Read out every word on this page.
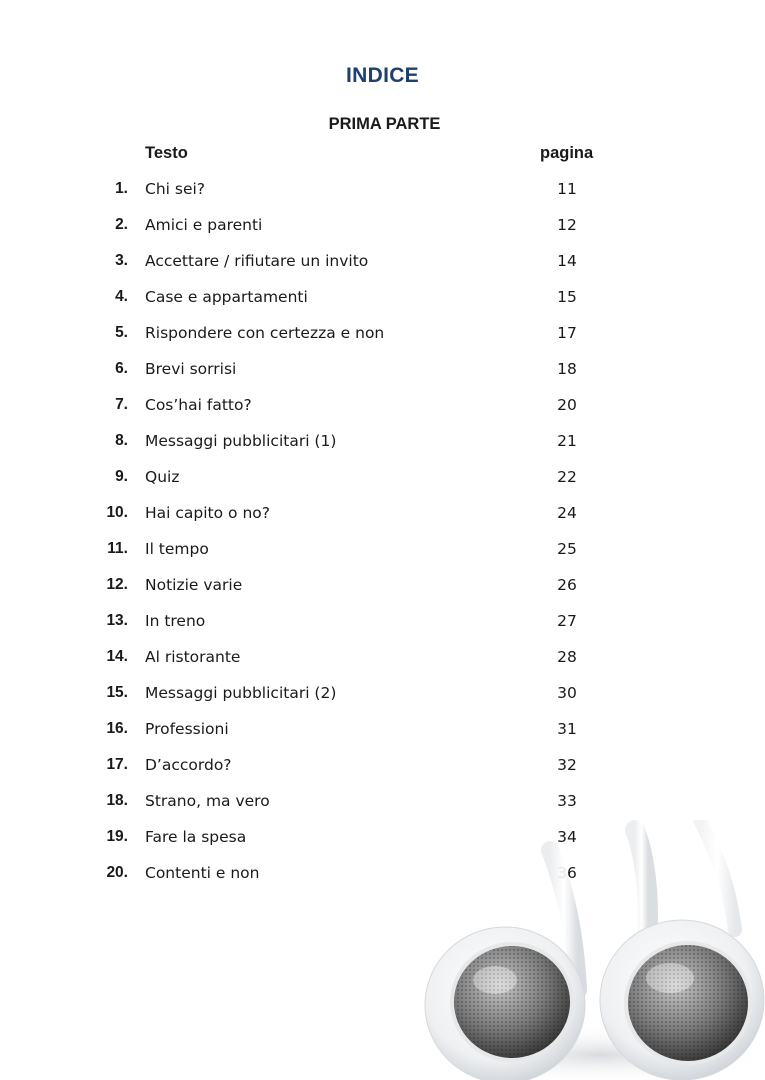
INDICE
PRIMA PARTE
Testo	pagina
1. Chi sei?	11
2. Amici e parenti	12
3. Accettare / rifiutare un invito	14
4. Case e appartamenti	15
5. Rispondere con certezza e non	17
6. Brevi sorrisi	18
7. Cos’hai fatto?	20
8. Messaggi pubblicitari (1)	21
9. Quiz	22
10. Hai capito o no?	24
11. Il tempo	25
12. Notizie varie	26
13. In treno	27
14. Al ristorante	28
15. Messaggi pubblicitari (2)	30
16. Professioni	31
17. D’accordo?	32
18. Strano, ma vero	33
19. Fare la spesa	34
20. Contenti e non	36
